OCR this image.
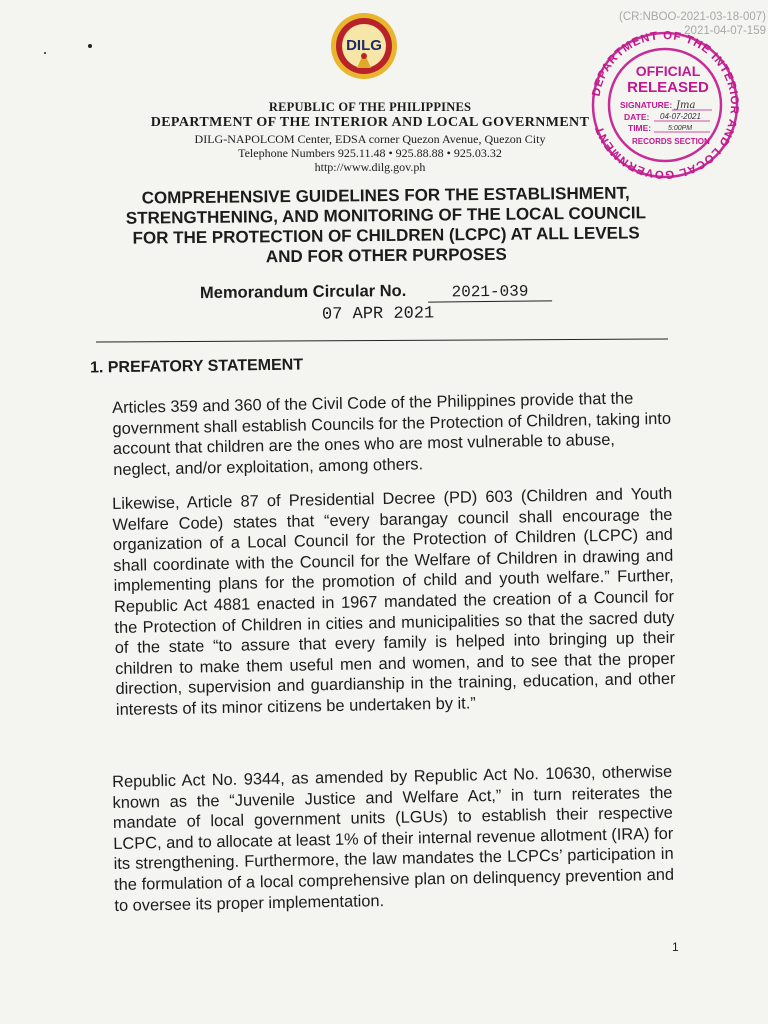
DILG
REPUBLIC OF THE PHILIPPINES
DEPARTMENT OF THE INTERIOR AND LOCAL GOVERNMENT
DILG-NAPOLCOM Center, EDSA corner Quezon Avenue, Quezon City
Telephone Numbers 925.11.48 • 925.88.88 • 925.03.32
http://www.dilg.gov.ph
(CR:NBOO-2021-03-18-007)
2021-04-07-159
DEPARTMENT OF THE INTERIOR AND LOCAL GOVERNMENT
OFFICIAL
RELEASED
SIGNATURE: Jma
DATE: 04-07-2021
TIME: 5:00PM
RECORDS SECTION
COMPREHENSIVE GUIDELINES FOR THE ESTABLISHMENT,
STRENGTHENING, AND MONITORING OF THE LOCAL COUNCIL
FOR THE PROTECTION OF CHILDREN (LCPC) AT ALL LEVELS
AND FOR OTHER PURPOSES
Memorandum Circular No.	2021-039
07 APR 2021
1. PREFATORY STATEMENT
Articles 359 and 360 of the Civil Code of the Philippines provide that the government shall establish Councils for the Protection of Children, taking into account that children are the ones who are most vulnerable to abuse, neglect, and/or exploitation, among others.
Likewise, Article 87 of Presidential Decree (PD) 603 (Children and Youth Welfare Code) states that “every barangay council shall encourage the organization of a Local Council for the Protection of Children (LCPC) and shall coordinate with the Council for the Welfare of Children in drawing and implementing plans for the promotion of child and youth welfare.” Further, Republic Act 4881 enacted in 1967 mandated the creation of a Council for the Protection of Children in cities and municipalities so that the sacred duty of the state “to assure that every family is helped into bringing up their children to make them useful men and women, and to see that the proper direction, supervision and guardianship in the training, education, and other interests of its minor citizens be undertaken by it.”
Republic Act No. 9344, as amended by Republic Act No. 10630, otherwise known as the “Juvenile Justice and Welfare Act,” in turn reiterates the mandate of local government units (LGUs) to establish their respective LCPC, and to allocate at least 1% of their internal revenue allotment (IRA) for its strengthening. Furthermore, the law mandates the LCPCs’ participation in the formulation of a local comprehensive plan on delinquency prevention and to oversee its proper implementation.
1
